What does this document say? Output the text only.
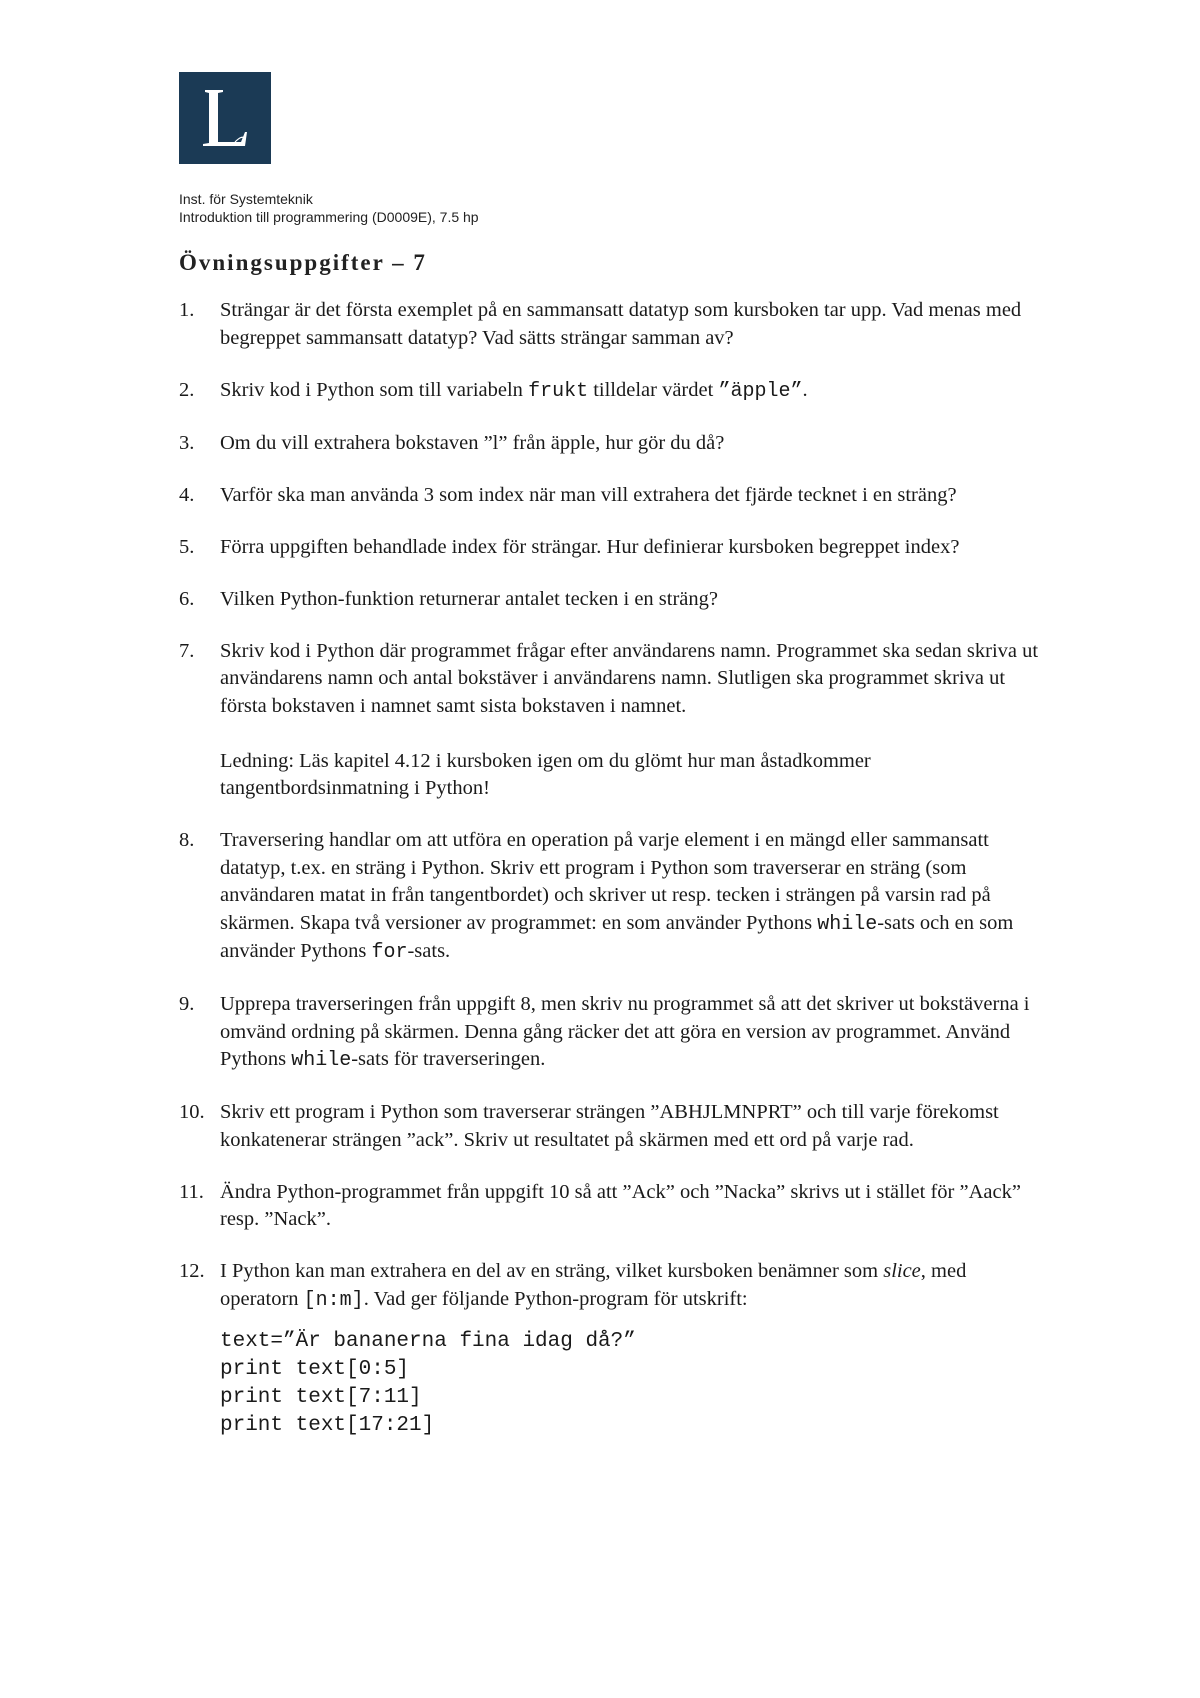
Inst. för Systemteknik
Introduktion till programmering (D0009E), 7.5 hp
Övningsuppgifter – 7
1. Strängar är det första exemplet på en sammansatt datatyp som kursboken tar upp. Vad menas med begreppet sammansatt datatyp? Vad sätts strängar samman av?

2. Skriv kod i Python som till variabeln frukt tilldelar värdet ”äpple”.

3. Om du vill extrahera bokstaven ”l” från äpple, hur gör du då?

4. Varför ska man använda 3 som index när man vill extrahera det fjärde tecknet i en sträng?

5. Förra uppgiften behandlade index för strängar. Hur definierar kursboken begreppet index?

6. Vilken Python-funktion returnerar antalet tecken i en sträng?

7. Skriv kod i Python där programmet frågar efter användarens namn. Programmet ska sedan skriva ut användarens namn och antal bokstäver i användarens namn. Slutligen ska programmet skriva ut första bokstaven i namnet samt sista bokstaven i namnet.

Ledning: Läs kapitel 4.12 i kursboken igen om du glömt hur man åstadkommer tangentbordsinmatning i Python!

8. Traversering handlar om att utföra en operation på varje element i en mängd eller sammansatt datatyp, t.ex. en sträng i Python. Skriv ett program i Python som traverserar en sträng (som användaren matat in från tangentbordet) och skriver ut resp. tecken i strängen på varsin rad på skärmen. Skapa två versioner av programmet: en som använder Pythons while-sats och en som använder Pythons for-sats.

9. Upprepa traverseringen från uppgift 8, men skriv nu programmet så att det skriver ut bokstäverna i omvänd ordning på skärmen. Denna gång räcker det att göra en version av programmet. Använd Pythons while-sats för traverseringen.

10. Skriv ett program i Python som traverserar strängen ”ABHJLMNPRT” och till varje förekomst konkatenerar strängen ”ack”. Skriv ut resultatet på skärmen med ett ord på varje rad.

11. Ändra Python-programmet från uppgift 10 så att ”Ack” och ”Nacka” skrivs ut i stället för ”Aack” resp. ”Nack”.

12. I Python kan man extrahera en del av en sträng, vilket kursboken benämner som slice, med operatorn [n:m]. Vad ger följande Python-program för utskrift:

text=”Är bananerna fina idag då?”
print text[0:5]
print text[7:11]
print text[17:21]
